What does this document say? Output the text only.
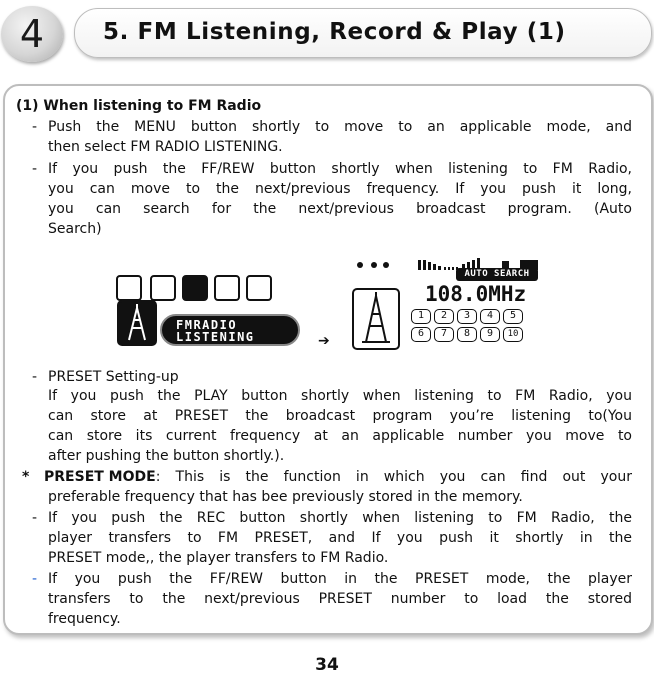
4	5. FM Listening, Record & Play (1)
(1) When listening to FM Radio
- Push the MENU button shortly to move to an applicable mode, and
then select FM RADIO LISTENING.
- If you push the FF/REW button shortly when listening to FM Radio,
you can move to the next/previous frequency. If you push it long,
you can search for the next/previous broadcast program. (Auto
Search)
FMRADIO
LISTENING	➔
AUTO SEARCH
108.0MHz
1	2	3	4	5
6	7	8	9	10
- PRESET Setting-up
If you push the PLAY button shortly when listening to FM Radio, you
can store at PRESET the broadcast program you’re listening to(You
can store its current frequency at an applicable number you move to
after pushing the button shortly.).
* PRESET MODE : This is the function in which you can find out your
preferable frequency that has bee previously stored in the memory.
- If you push the REC button shortly when listening to FM Radio, the
player transfers to FM PRESET, and If you push it shortly in the
PRESET mode,, the player transfers to FM Radio.
- If you push the FF/REW button in the PRESET mode, the player
transfers to the next/previous PRESET number to load the stored
frequency.
34
